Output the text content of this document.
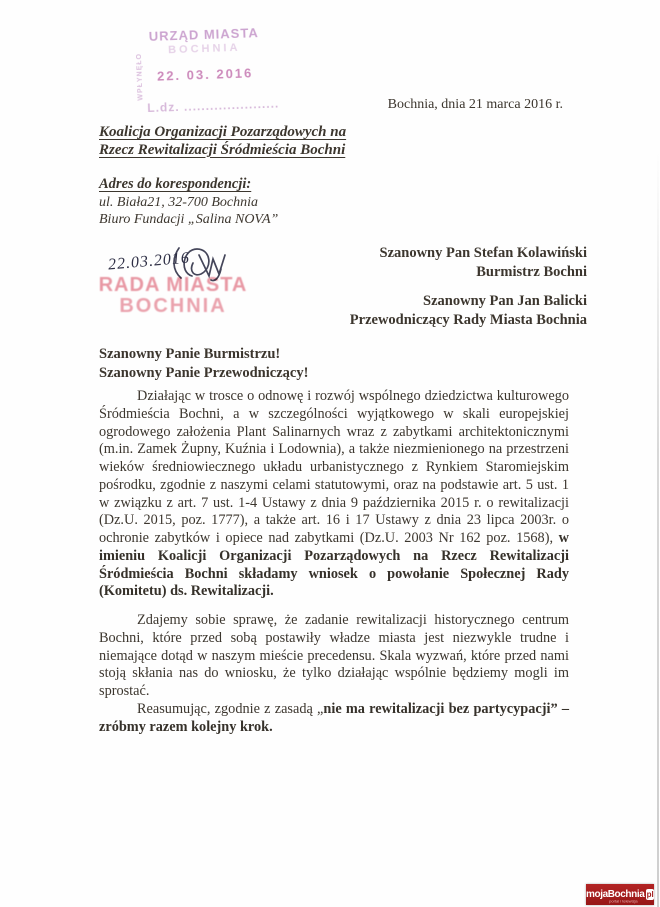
WPŁYNĘŁO
URZĄD MIASTA
BOCHNIA
22. 03. 2016
L.dz. ......................	Bochnia, dnia 21 marca 2016 r.
Koalicja Organizacji Pozarządowych na
Rzecz Rewitalizacji Śródmieścia Bochni
Adres do korespondencji:
ul. Biała21, 32-700 Bochnia
Biuro Fundacji „Salina NOVA”
22.03.2016
RADA MIASTA
BOCHNIA
Szanowny Pan Stefan Kolawiński
Burmistrz Bochni
Szanowny Pan Jan Balicki
Przewodniczący Rady Miasta Bochnia
Szanowny Panie Burmistrzu!
Szanowny Panie Przewodniczący!

Działając w trosce o odnowę i rozwój wspólnego dziedzictwa kulturowego Śródmieścia Bochni, a w szczególności wyjątkowego w skali europejskiej ogrodowego założenia Plant Salinarnych wraz z zabytkami architektonicznymi (m.in. Zamek Żupny, Kuźnia i Lodownia), a także niezmienionego na przestrzeni wieków średniowiecznego układu urbanistycznego z Rynkiem Staromiejskim pośrodku, zgodnie z naszymi celami statutowymi, oraz na podstawie art. 5 ust. 1 w związku z art. 7 ust. 1-4 Ustawy z dnia 9 października 2015 r. o rewitalizacji (Dz.U. 2015, poz. 1777), a także art. 16 i 17 Ustawy z dnia 23 lipca 2003r. o ochronie zabytków i opiece nad zabytkami (Dz.U. 2003 Nr 162 poz. 1568), w imieniu Koalicji Organizacji Pozarządowych na Rzecz Rewitalizacji Śródmieścia Bochni składamy wniosek o powołanie Społecznej Rady (Komitetu) ds. Rewitalizacji.

Zdajemy sobie sprawę, że zadanie rewitalizacji historycznego centrum Bochni, które przed sobą postawiły władze miasta jest niezwykle trudne i niemające dotąd w naszym mieście precedensu. Skala wyzwań, które przed nami stoją skłania nas do wniosku, że tylko działając wspólnie będziemy mogli im sprostać.

Reasumując, zgodnie z zasadą „nie ma rewitalizacji bez partycypacji” – zróbmy razem kolejny krok.

mojaBochnia pl
portal i telewizja
